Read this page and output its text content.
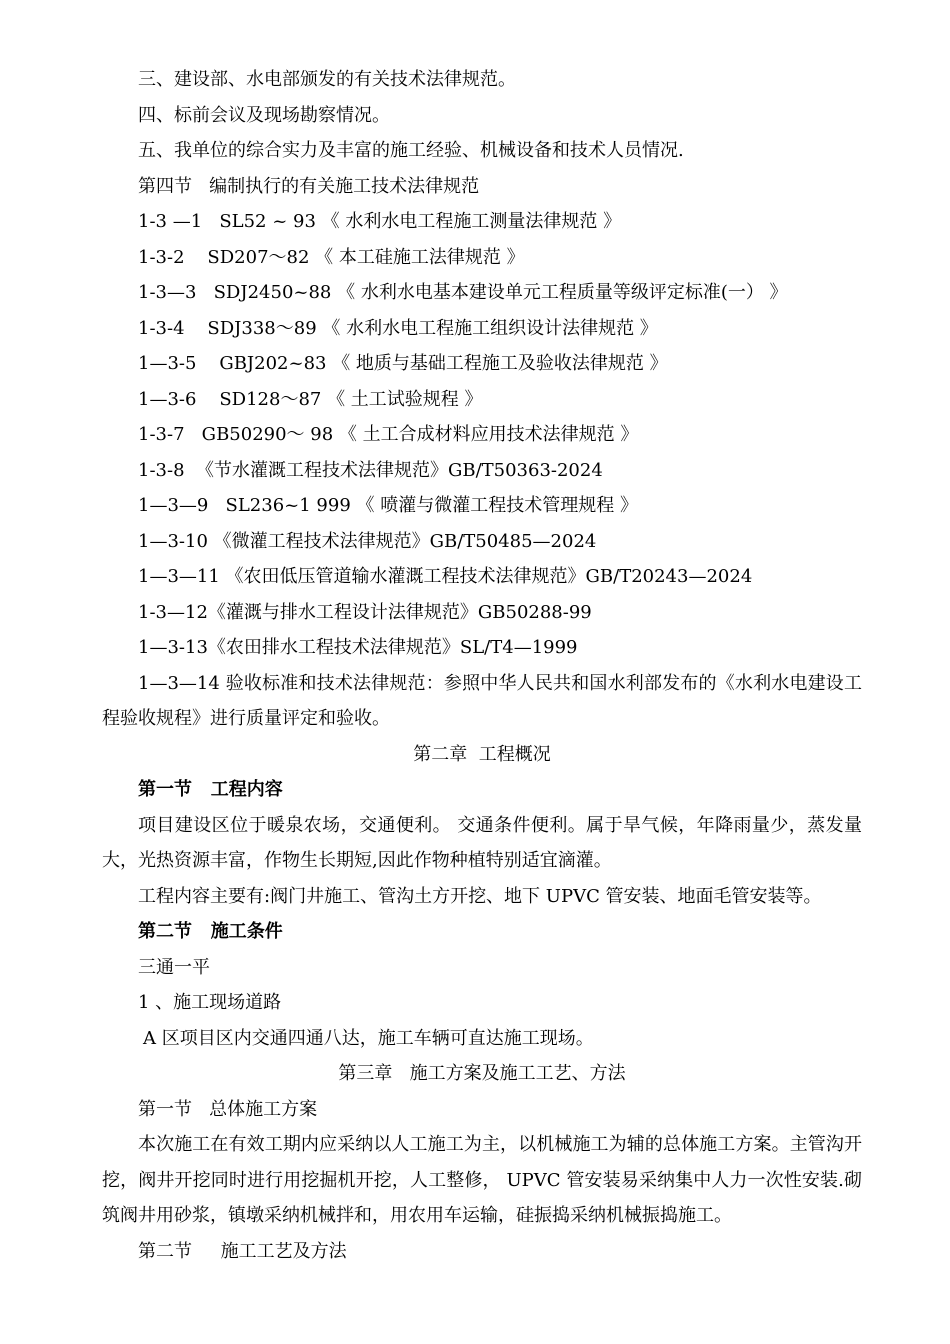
三、建设部、水电部颁发的有关技术法律规范。
四、标前会议及现场勘察情况。
五、我单位的综合实力及丰富的施工经验、机械设备和技术人员情况.
第四节   编制执行的有关施工技术法律规范
1-3 —1   SL52 ~ 93 《 水利水电工程施工测量法律规范 》
1-3-2    SD207～82 《 本工硅施工法律规范 》
1-3—3   SDJ2450~88 《 水利水电基本建设单元工程质量等级评定标准(一） 》
1-3-4    SDJ338～89 《 水利水电工程施工组织设计法律规范 》
1—3-5    GBJ202~83 《 地质与基础工程施工及验收法律规范 》
1—3-6    SD128～87 《 土工试验规程 》
1-3-7   GB50290～ 98 《 土工合成材料应用技术法律规范 》
1-3-8  《节水灌溉工程技术法律规范》GB/T50363-2024
1—3—9   SL236~1 999 《 喷灌与微灌工程技术管理规程 》
1—3-10 《微灌工程技术法律规范》GB/T50485—2024
1—3—11 《农田低压管道输水灌溉工程技术法律规范》GB/T20243—2024
1-3—12《灌溉与排水工程设计法律规范》GB50288-99
1—3-13《农田排水工程技术法律规范》SL/T4—1999
1—3—14 验收标准和技术法律规范：参照中华人民共和国水利部发布的《水利水电建设工程验收规程》进行质量评定和验收。
第二章  工程概况
第一节   工程内容
项目建设区位于暖泉农场，交通便利。 交通条件便利。属于旱气候，年降雨量少，蒸发量大，光热资源丰富，作物生长期短,因此作物种植特别适宜滴灌。
工程内容主要有:阀门井施工、管沟土方开挖、地下 UPVC 管安装、地面毛管安装等。
第二节   施工条件
三通一平
1 、施工现场道路
A 区项目区内交通四通八达，施工车辆可直达施工现场。
第三章   施工方案及施工工艺、方法
第一节   总体施工方案
本次施工在有效工期内应采纳以人工施工为主，以机械施工为辅的总体施工方案。主管沟开挖，阀井开挖同时进行用挖掘机开挖，人工整修， UPVC 管安装易采纳集中人力一次性安装.砌筑阀井用砂浆，镇墩采纳机械拌和，用农用车运输，硅振捣采纳机械振捣施工。
第二节     施工工艺及方法
